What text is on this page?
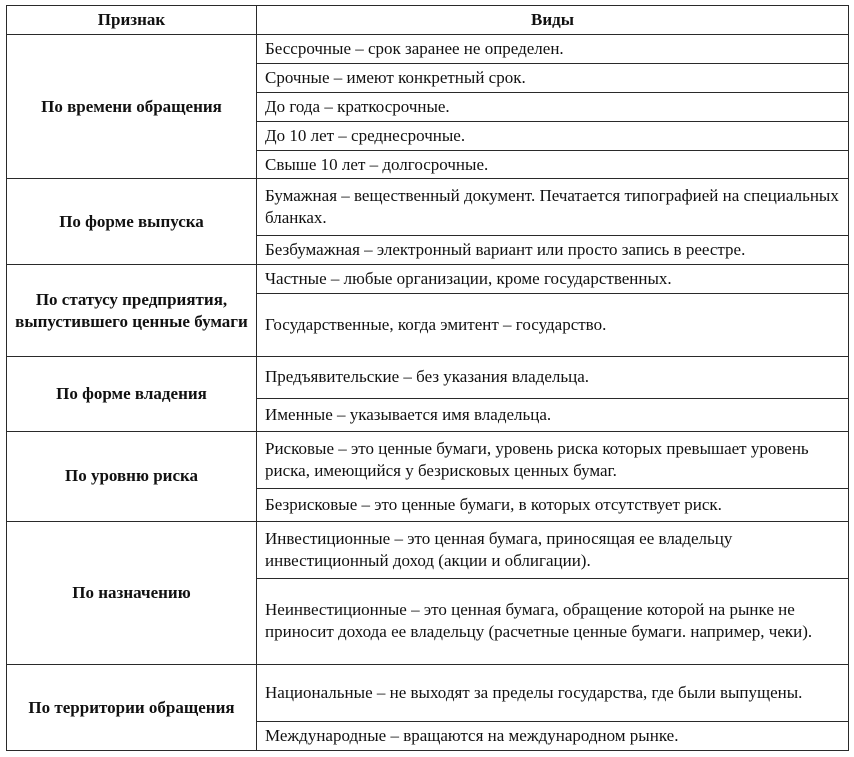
Признак	Виды
По времени обращения	Бессрочные – срок заранее не определен.
	Срочные – имеют конкретный срок.
	До года – краткосрочные.
	До 10 лет – среднесрочные.
	Свыше 10 лет – долгосрочные.
По форме выпуска	Бумажная – вещественный документ. Печатается типографией на специальных бланках.
	Безбумажная – электронный вариант или просто запись в реестре.
По статусу предприятия, выпустившего ценные бумаги	Частные – любые организации, кроме государственных.
	Государственные, когда эмитент – государство.
По форме владения	Предъявительские – без указания владельца.
	Именные – указывается имя владельца.
По уровню риска	Рисковые – это ценные бумаги, уровень риска которых превышает уровень риска, имеющийся у безрисковых ценных бумаг.
	Безрисковые – это ценные бумаги, в которых отсутствует риск.
По назначению	Инвестиционные – это ценная бумага, приносящая ее владельцу инвестиционный доход (акции и облигации).
	Неинвестиционные – это ценная бумага, обращение которой на рынке не приносит дохода ее владельцу (расчетные ценные бумаги. например, чеки).
По территории обращения	Национальные – не выходят за пределы государства, где были выпущены.
	Международные – вращаются на международном рынке.
